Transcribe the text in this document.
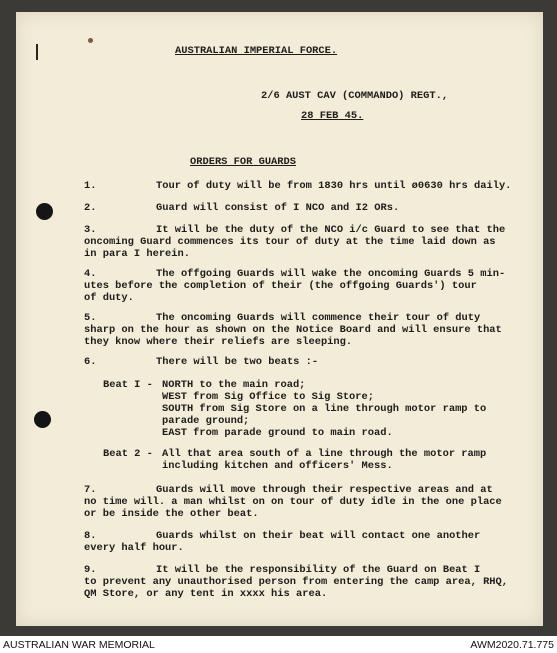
AUSTRALIAN IMPERIAL FORCE.
2/6 AUST CAV (COMMANDO) REGT.,
28 FEB 45.
ORDERS FOR GUARDS
1.	Tour of duty will be from 1830 hrs until ø0630 hrs daily.
2.	Guard will consist of I NCO and I2 ORs.
3.	It will be the duty of the NCO i/c Guard to see that the
oncoming Guard commences its tour of duty at the time laid down as
in para I herein.
4.	The offgoing Guards will wake the oncoming Guards 5 min-
utes before the completion of their (the offgoing Guards') tour
of duty.
5.	The oncoming Guards will commence their tour of duty
sharp on the hour as shown on the Notice Board and will ensure that
they know where their reliefs are sleeping.
6.	There will be two beats :-
Beat I - NORTH to the main road;
WEST from Sig Office to Sig Store;
SOUTH from Sig Store on a line through motor ramp to
parade ground;
EAST from parade ground to main road.
Beat 2 - All that area south of a line through the motor ramp
including kitchen and officers' Mess.
7.	Guards will move through their respective areas and at
no time will. a man whilst on on tour of duty idle in the one place
or be inside the other beat.
8.	Guards whilst on their beat will contact one another
every half hour.
9.	It will be the responsibility of the Guard on Beat I
to prevent any unauthorised person from entering the camp area, RHQ,
QM Store, or any tent in xxxx his area.
AUSTRALIAN WAR MEMORIAL	AWM2020.71.775
